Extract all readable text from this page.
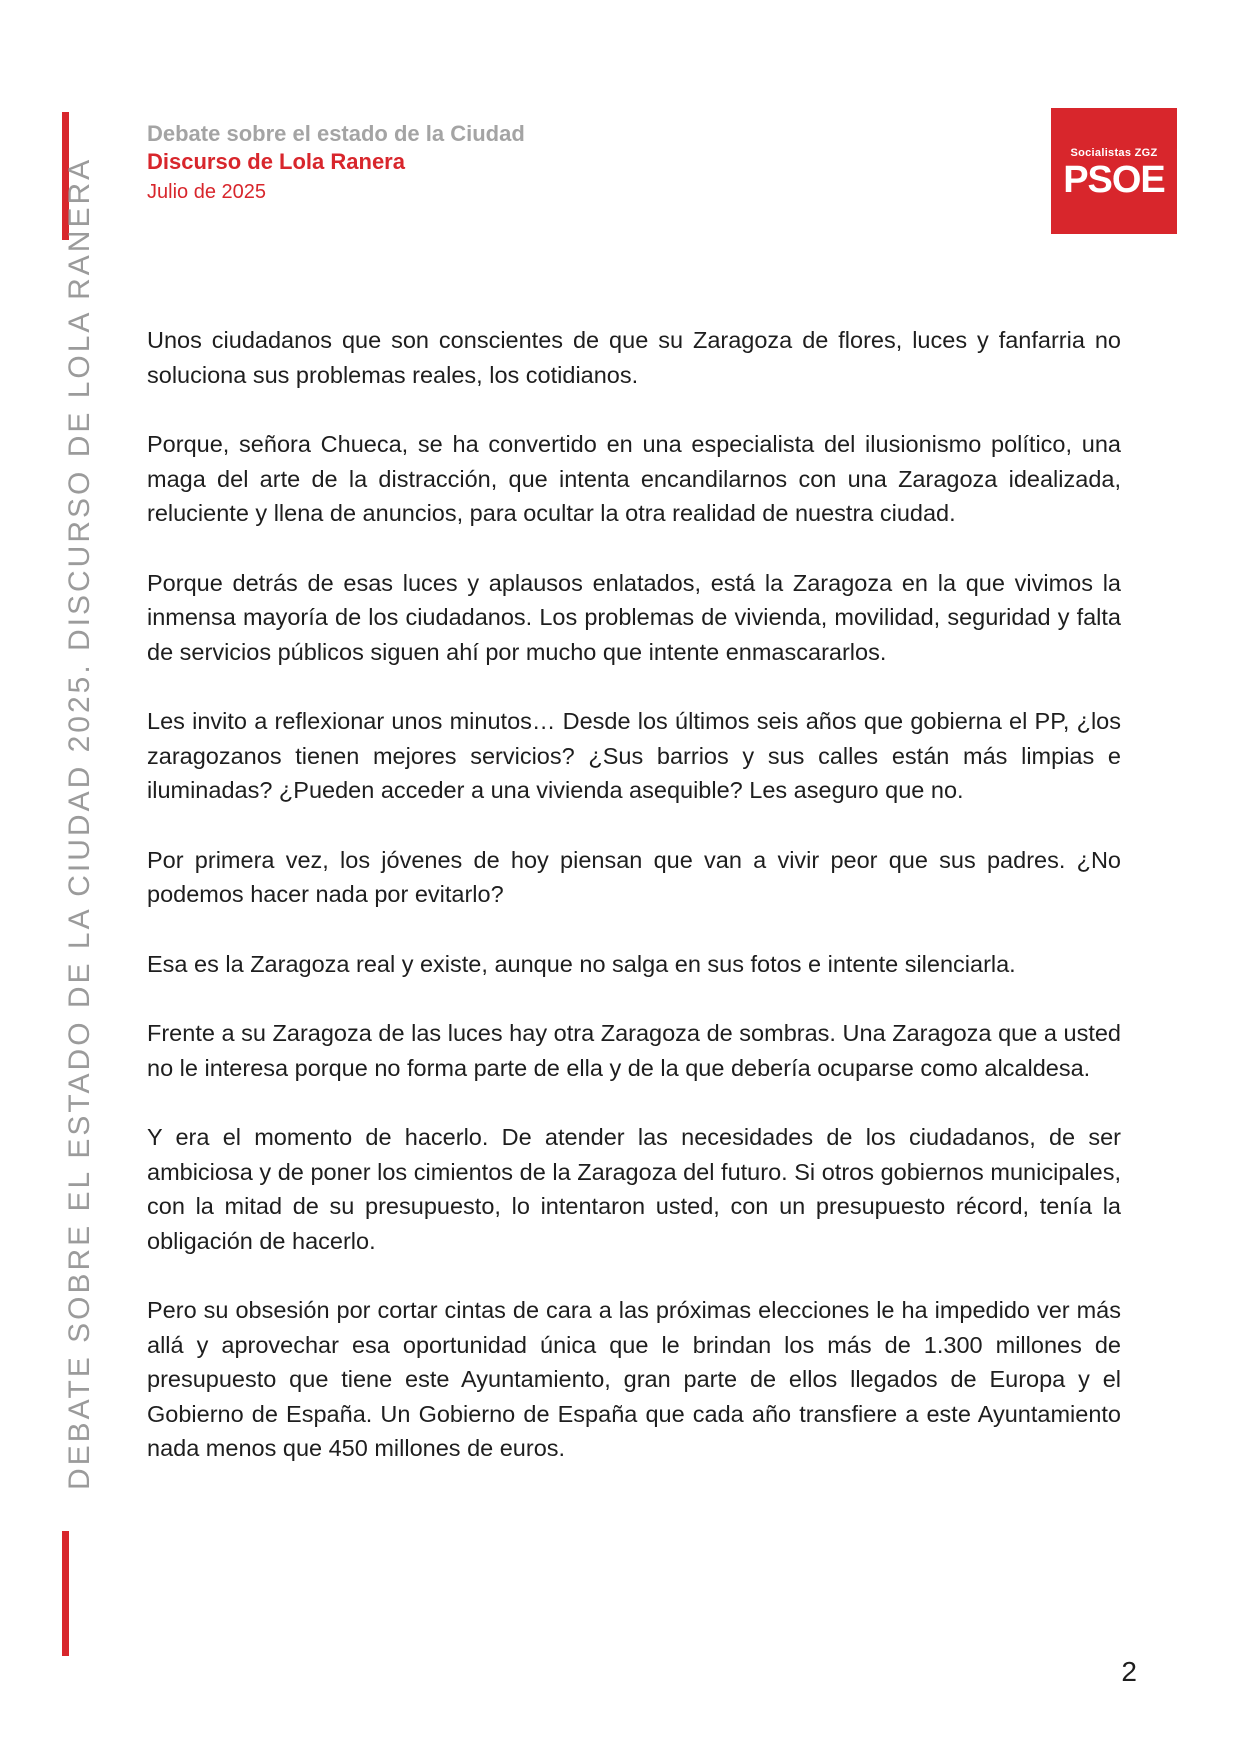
DEBATE SOBRE EL ESTADO DE LA CIUDAD 2025. DISCURSO DE LOLA RANERA
Debate sobre el estado de la Ciudad
Discurso de Lola Ranera
Julio de 2025
Socialistas ZGZ
PSOE

Unos ciudadanos que son conscientes de que su Zaragoza de flores, luces y fanfarria no soluciona sus problemas reales, los cotidianos.

Porque, señora Chueca, se ha convertido en una especialista del ilusionismo político, una maga del arte de la distracción, que intenta encandilarnos con una Zaragoza idealizada, reluciente y llena de anuncios, para ocultar la otra realidad de nuestra ciudad.

Porque detrás de esas luces y aplausos enlatados, está la Zaragoza en la que vivimos la inmensa mayoría de los ciudadanos. Los problemas de vivienda, movilidad, seguridad y falta de servicios públicos siguen ahí por mucho que intente enmascararlos.

Les invito a reflexionar unos minutos… Desde los últimos seis años que gobierna el PP, ¿los zaragozanos tienen mejores servicios? ¿Sus barrios y sus calles están más limpias e iluminadas? ¿Pueden acceder a una vivienda asequible? Les aseguro que no.

Por primera vez, los jóvenes de hoy piensan que van a vivir peor que sus padres. ¿No podemos hacer nada por evitarlo?

Esa es la Zaragoza real y existe, aunque no salga en sus fotos e intente silenciarla.

Frente a su Zaragoza de las luces hay otra Zaragoza de sombras. Una Zaragoza que a usted no le interesa porque no forma parte de ella y de la que debería ocuparse como alcaldesa.

Y era el momento de hacerlo. De atender las necesidades de los ciudadanos, de ser ambiciosa y de poner los cimientos de la Zaragoza del futuro. Si otros gobiernos municipales, con la mitad de su presupuesto, lo intentaron usted, con un presupuesto récord, tenía la obligación de hacerlo.

Pero su obsesión por cortar cintas de cara a las próximas elecciones le ha impedido ver más allá y aprovechar esa oportunidad única que le brindan los más de 1.300 millones de presupuesto que tiene este Ayuntamiento, gran parte de ellos llegados de Europa y el Gobierno de España. Un Gobierno de España que cada año transfiere a este Ayuntamiento nada menos que 450 millones de euros.

2
